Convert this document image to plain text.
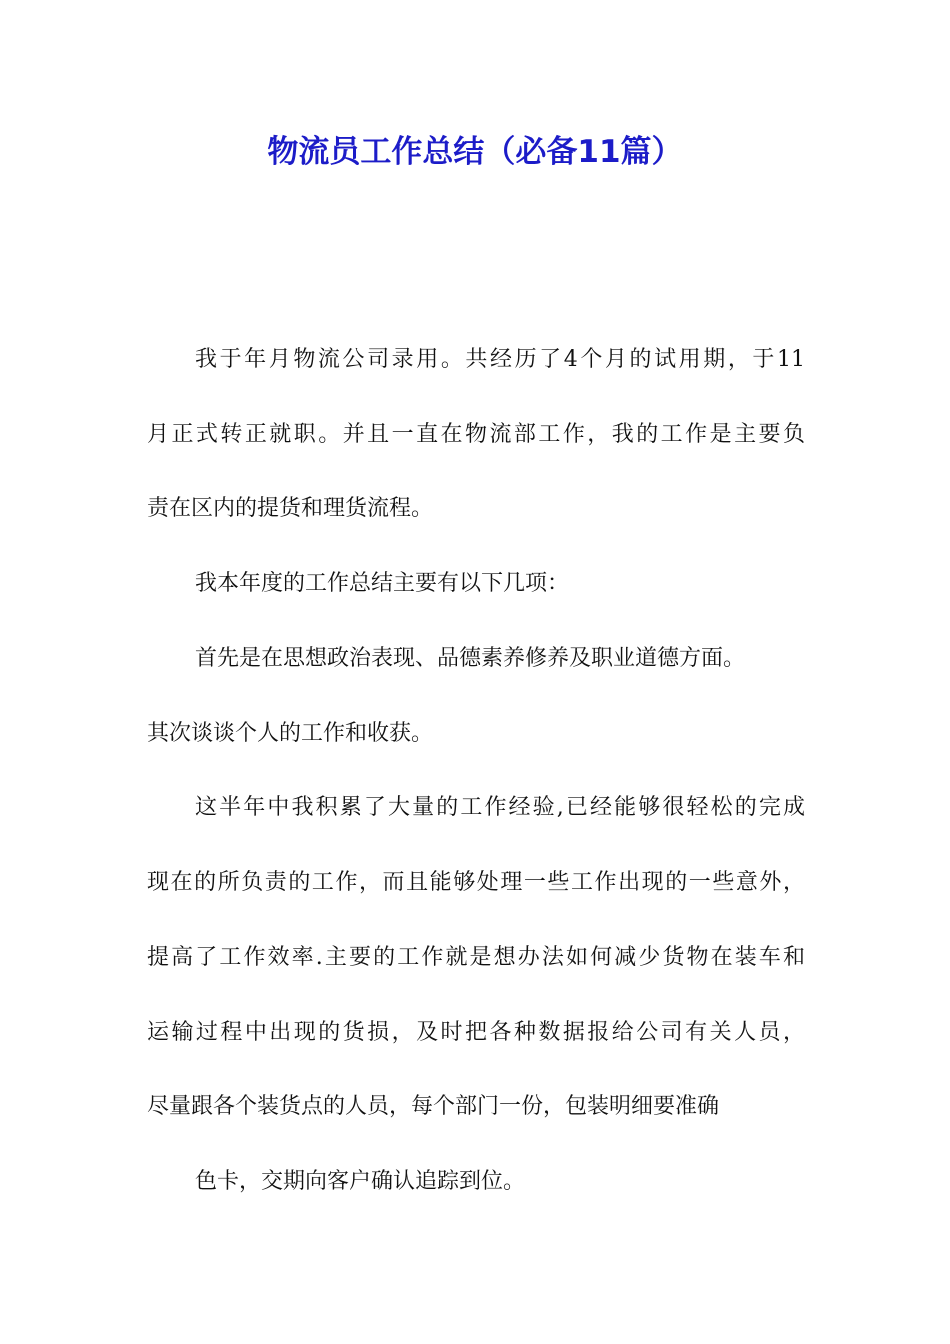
物流员工作总结（必备11篇）

我于年月物流公司录用。共经历了4个月的试用期，于11

月正式转正就职。并且一直在物流部工作，我的工作是主要负

责在区内的提货和理货流程。

我本年度的工作总结主要有以下几项：

首先是在思想政治表现、品德素养修养及职业道德方面。

其次谈谈个人的工作和收获。

这半年中我积累了大量的工作经验,已经能够很轻松的完成

现在的所负责的工作，而且能够处理一些工作出现的一些意外，

提高了工作效率.主要的工作就是想办法如何减少货物在装车和

运输过程中出现的货损，及时把各种数据报给公司有关人员，

尽量跟各个装货点的人员，每个部门一份，包装明细要准确

色卡，交期向客户确认追踪到位。
